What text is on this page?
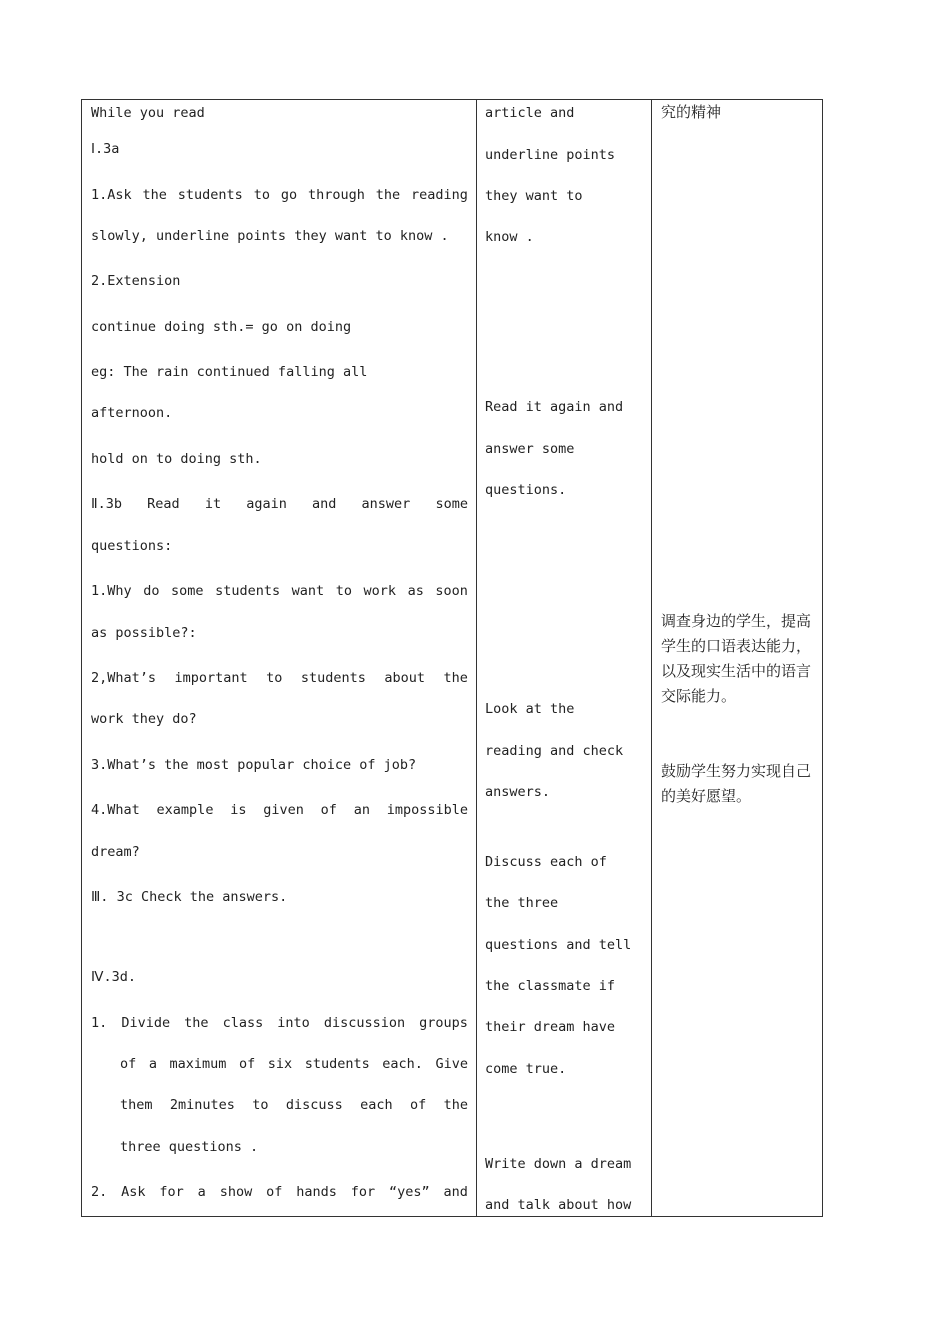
While you read
Ⅰ.3a
1.Ask the students to go through the reading
slowly, underline points they want to know .
2.Extension
continue doing sth.= go on doing
eg: The rain continued falling all
afternoon.
hold on to doing sth.
Ⅱ.3b Read it again and answer some
questions:
1.Why do some students want to work as soon
as possible?:
2,What’s important to students about the
work they do?
3.What’s the most popular choice of job?
4.What example is given of an impossible
dream?
Ⅲ. 3c Check the answers.
Ⅳ.3d.
1. Divide the class into discussion groups
of a maximum of six students each. Give
them 2minutes to discuss each of the
three questions .
2. Ask for a show of hands for “yes” and

article and
underline points
they want to
know .
Read it again and
answer some
questions.
Look at the
reading and check
answers.
Discuss each of
the three
questions and tell
the classmate if
their dream have
come true.
Write down a dream
and talk about how

究的精神
调查身边的学生，提高学生的口语表达能力，以及现实生活中的语言交际能力。
鼓励学生努力实现自己的美好愿望。
